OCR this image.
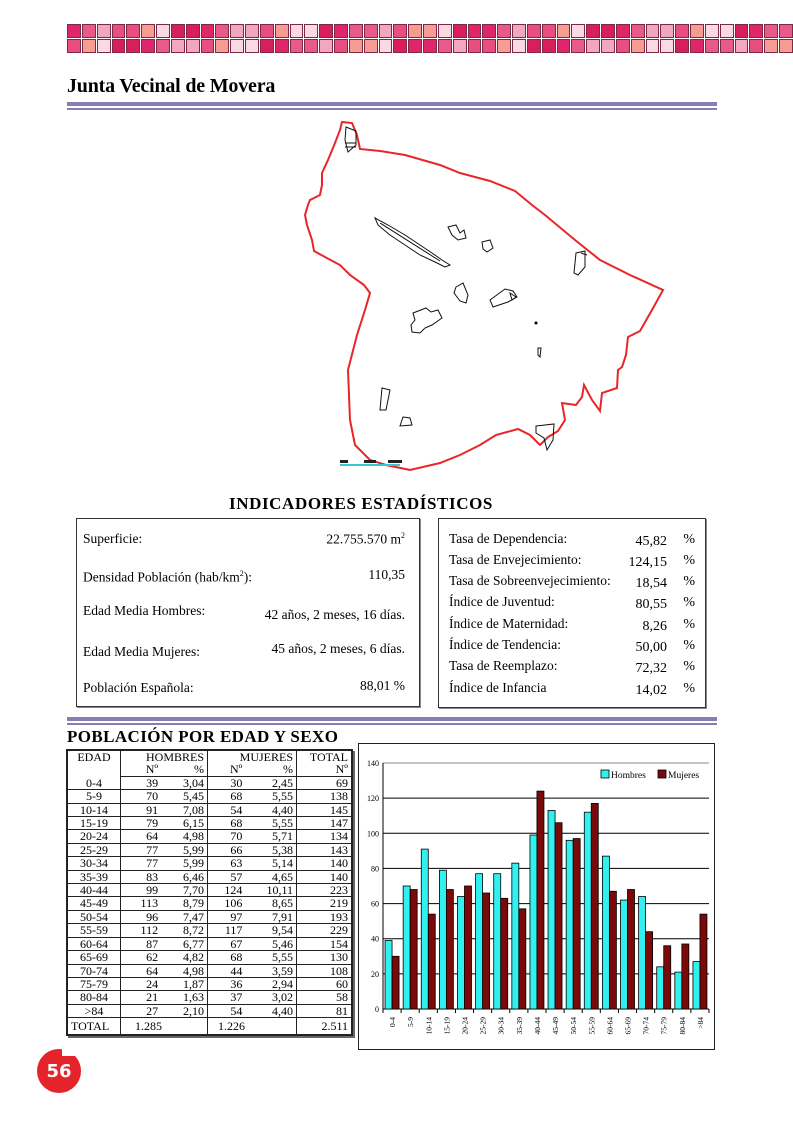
Junta Vecinal de Movera
INDICADORES ESTADÍSTICOS
Superficie:	22.755.570 $m^2$
Densidad Población $(hab/km^2)$:	110,35
Edad Media Hombres:	42 años, 2 meses, 16 días.
Edad Media Mujeres:	45 años, 2 meses, 6 días.
Población Española:	88,01 %
Tasa de Dependencia:	45,82 %
Tasa de Envejecimiento:	124,15 %
Tasa de Sobreenvejecimiento: 18,54 %
Índice de Juventud:	80,55 %
Índice de Maternidad:	8,26 %
Índice de Tendencia:	50,00 %
Tasa de Reemplazo:	72,32 %
Índice de Infancia	14,02 %
POBLACIÓN POR EDAD Y SEXO
EDAD	HOMBRES		MUJERES		TOTAL
	Nº	%	Nº	%	Nº
0-4	39	3,04	30	2,45	69
5-9	70	5,45	68	5,55	138
10-14	91	7,08	54	4,40	145
15-19	79	6,15	68	5,55	147
20-24	64	4,98	70	5,71	134
25-29	77	5,99	66	5,38	143
30-34	77	5,99	63	5,14	140
35-39	83	6,46	57	4,65	140
40-44	99	7,70	124	10,11	223
45-49	113	8,79	106	8,65	219
50-54	96	7,47	97	7,91	193
55-59	112	8,72	117	9,54	229
60-64	87	6,77	67	5,46	154
65-69	62	4,82	68	5,55	130
70-74	64	4,98	44	3,59	108
75-79	24	1,87	36	2,94	60
80-84	21	1,63	37	3,02	58
>84	27	2,10	54	4,40	81
TOTAL	1.285		1.226		2.511
0
20
40
60
80
100
120
140
0-4 5-9 10-14 15-19 20-24 25-29 30-34 35-39 40-44 45-49 50-54 55-59 60-64 65-69 70-74 75-79 80-84 >84
Hombres Mujeres
56
